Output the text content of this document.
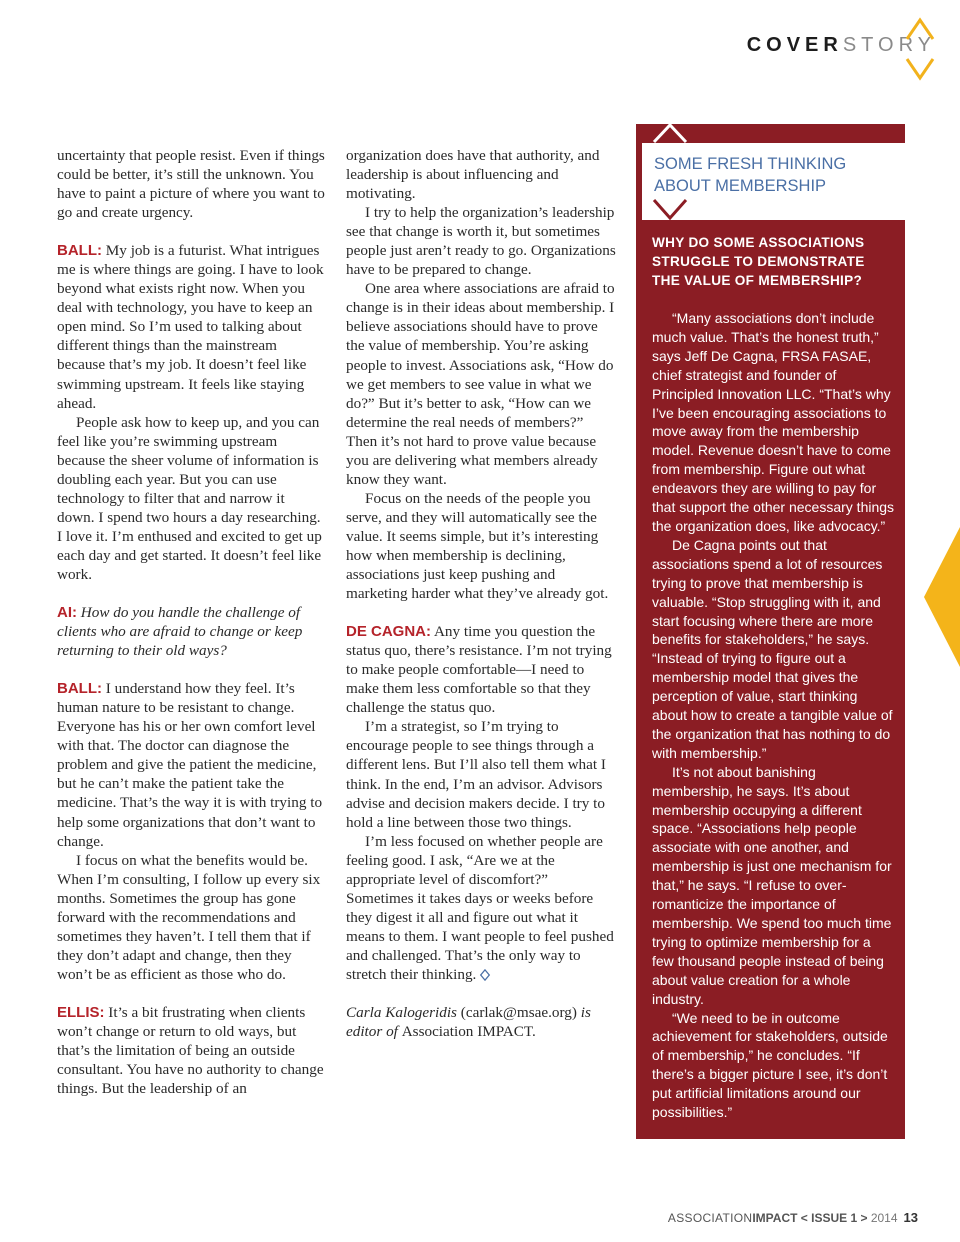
COVERSTORY

uncertainty that people resist. Even if things could be better, it’s still the unknown. You have to paint a picture of where you want to go and create urgency.

BALL: My job is a futurist. What intrigues me is where things are going. I have to look beyond what exists right now. When you deal with technology, you have to keep an open mind. So I’m used to talking about different things than the mainstream because that’s my job. It doesn’t feel like swimming upstream. It feels like staying ahead.

People ask how to keep up, and you can feel like you’re swimming upstream because the sheer volume of information is doubling each year. But you can use technology to filter that and narrow it down. I spend two hours a day researching. I love it. I’m enthused and excited to get up each day and get started. It doesn’t feel like work.

AI: How do you handle the challenge of clients who are afraid to change or keep returning to their old ways?

BALL: I understand how they feel. It’s human nature to be resistant to change. Everyone has his or her own comfort level with that. The doctor can diagnose the problem and give the patient the medicine, but he can’t make the patient take the medicine. That’s the way it is with trying to help some organizations that don’t want to change.

I focus on what the benefits would be. When I’m consulting, I follow up every six months. Sometimes the group has gone forward with the recommendations and sometimes they haven’t. I tell them that if they don’t adapt and change, then they won’t be as efficient as those who do.

ELLIS: It’s a bit frustrating when clients won’t change or return to old ways, but that’s the limitation of being an outside consultant. You have no authority to change things. But the leadership of an

organization does have that authority, and leadership is about influencing and motivating.

I try to help the organization’s leadership see that change is worth it, but sometimes people just aren’t ready to go. Organizations have to be prepared to change.

One area where associations are afraid to change is in their ideas about membership. I believe associations should have to prove the value of membership. You’re asking people to invest. Associations ask, “How do we get members to see value in what we do?” But it’s better to ask, “How can we determine the real needs of members?” Then it’s not hard to prove value because you are delivering what members already know they want.

Focus on the needs of the people you serve, and they will automatically see the value. It seems simple, but it’s interesting how when membership is declining, associations just keep pushing and marketing harder what they’ve already got.

DE CAGNA: Any time you question the status quo, there’s resistance. I’m not trying to make people comfortable—I need to make them less comfortable so that they challenge the status quo.

I’m a strategist, so I’m trying to encourage people to see things through a different lens. But I’ll also tell them what I think. In the end, I’m an advisor. Advisors advise and decision makers decide. I try to hold a line between those two things.

I’m less focused on whether people are feeling good. I ask, “Are we at the appropriate level of discomfort?” Sometimes it takes days or weeks before they digest it all and figure out what it means to them. I want people to feel pushed and challenged. That’s the only way to stretch their thinking.

Carla Kalogeridis (carlak@msae.org) is editor of Association IMPACT.

SOME FRESH THINKING ABOUT MEMBERSHIP
WHY DO SOME ASSOCIATIONS STRUGGLE TO DEMONSTRATE THE VALUE OF MEMBERSHIP?

“Many associations don’t include much value. That’s the honest truth,” says Jeff De Cagna, FRSA FASAE, chief strategist and founder of Principled Innovation LLC. “That’s why I’ve been encouraging associations to move away from the membership model. Revenue doesn’t have to come from membership. Figure out what endeavors they are willing to pay for that support the other necessary things the organization does, like advocacy.”

De Cagna points out that associations spend a lot of resources trying to prove that membership is valuable. “Stop struggling with it, and start focusing where there are more benefits for stakeholders,” he says. “Instead of trying to figure out a membership model that gives the perception of value, start thinking about how to create a tangible value of the organization that has nothing to do with membership.”

It’s not about banishing membership, he says. It’s about membership occupying a different space. “Associations help people associate with one another, and membership is just one mechanism for that,” he says. “I refuse to over-romanticize the importance of membership. We spend too much time trying to optimize membership for a few thousand people instead of being about value creation for a whole industry.

“We need to be in outcome achievement for stakeholders, outside of membership,” he concludes. “If there’s a bigger picture I see, it’s don’t put artificial limitations around our possibilities.”

ASSOCIATIONIMPACT < ISSUE 1 > 2014 13
